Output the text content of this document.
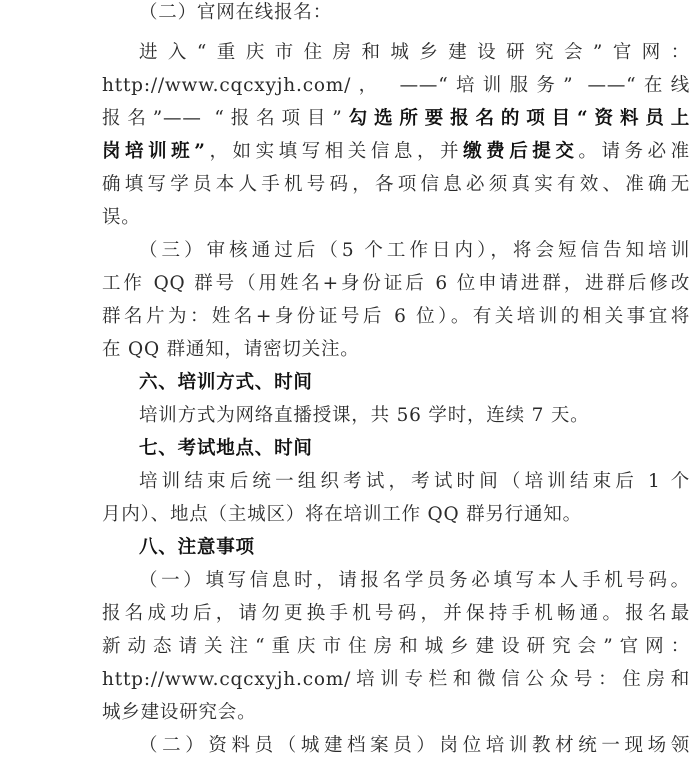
（二）官网在线报名：
进入“重庆市住房和城乡建设研究会”官网：
http://www.cqcxyjh.com/， ——“培训服务” ——“在线
报名”—— “报名项目”勾选所要报名的项目“资料员上
岗培训班”，如实填写相关信息，并缴费后提交。请务必准
确填写学员本人手机号码，各项信息必须真实有效、准确无
误。
（三）审核通过后（5 个工作日内），将会短信告知培训
工作 QQ 群号（用姓名+身份证后 6 位申请进群，进群后修改
群名片为：姓名+身份证号后 6 位）。有关培训的相关事宜将
在 QQ 群通知，请密切关注。
六、培训方式、时间
培训方式为网络直播授课，共 56 学时，连续 7 天。
七、考试地点、时间
培训结束后统一组织考试，考试时间（培训结束后 1 个
月内）、地点（主城区）将在培训工作 QQ 群另行通知。
八、注意事项
（一）填写信息时，请报名学员务必填写本人手机号码。
报名成功后，请勿更换手机号码，并保持手机畅通。报名最
新动态请关注“重庆市住房和城乡建设研究会”官网：
http://www.cqcxyjh.com/培训专栏和微信公众号：住房和
城乡建设研究会。
（二）资料员（城建档案员）岗位培训教材统一现场领
